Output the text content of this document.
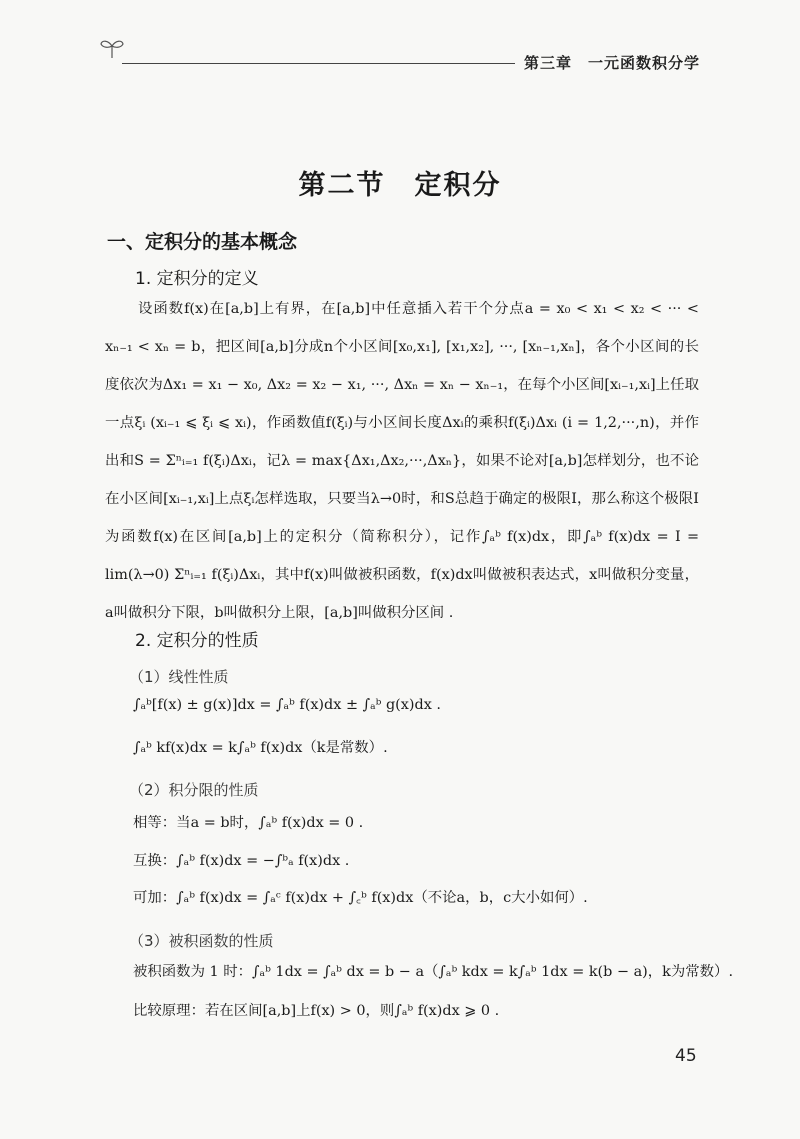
第三章　一元函数积分学
第二节　定积分
一、定积分的基本概念
1. 定积分的定义
设函数f(x)在[a,b]上有界，在[a,b]中任意插入若干个分点a = x₀ < x₁ < x₂ < ··· < xₙ₋₁ < xₙ = b，把区间[a,b]分成n个小区间[x₀,x₁], [x₁,x₂], ···, [xₙ₋₁,xₙ]，各个小区间的长度依次为Δx₁ = x₁ − x₀, Δx₂ = x₂ − x₁, ···, Δxₙ = xₙ − xₙ₋₁，在每个小区间[xᵢ₋₁,xᵢ]上任取一点ξᵢ (xᵢ₋₁ ⩽ ξᵢ ⩽ xᵢ)，作函数值f(ξᵢ)与小区间长度Δxᵢ的乘积f(ξᵢ)Δxᵢ (i = 1,2,···,n)，并作出和S = Σⁿᵢ₌₁ f(ξᵢ)Δxᵢ，记λ = max{Δx₁,Δx₂,···,Δxₙ}，如果不论对[a,b]怎样划分，也不论在小区间[xᵢ₋₁,xᵢ]上点ξᵢ怎样选取，只要当λ→0时，和S总趋于确定的极限I，那么称这个极限I为函数f(x)在区间[a,b]上的定积分（简称积分），记作∫ₐᵇ f(x)dx，即∫ₐᵇ f(x)dx = I = lim(λ→0) Σⁿᵢ₌₁ f(ξᵢ)Δxᵢ，其中f(x)叫做被积函数，f(x)dx叫做被积表达式，x叫做积分变量，a叫做积分下限，b叫做积分上限，[a,b]叫做积分区间 .
2. 定积分的性质
（1）线性性质
∫ₐᵇ[f(x) ± g(x)]dx = ∫ₐᵇ f(x)dx ± ∫ₐᵇ g(x)dx .
∫ₐᵇ kf(x)dx = k∫ₐᵇ f(x)dx（k是常数）.
（2）积分限的性质
相等：当a = b时，∫ₐᵇ f(x)dx = 0 .
互换：∫ₐᵇ f(x)dx = −∫ᵇₐ f(x)dx .
可加：∫ₐᵇ f(x)dx = ∫ₐᶜ f(x)dx + ∫꜀ᵇ f(x)dx（不论a，b，c大小如何）.
（3）被积函数的性质
被积函数为 1 时：∫ₐᵇ 1dx = ∫ₐᵇ dx = b − a（∫ₐᵇ kdx = k∫ₐᵇ 1dx = k(b − a)，k为常数）.
比较原理：若在区间[a,b]上f(x) > 0，则∫ₐᵇ f(x)dx ⩾ 0 .
45
